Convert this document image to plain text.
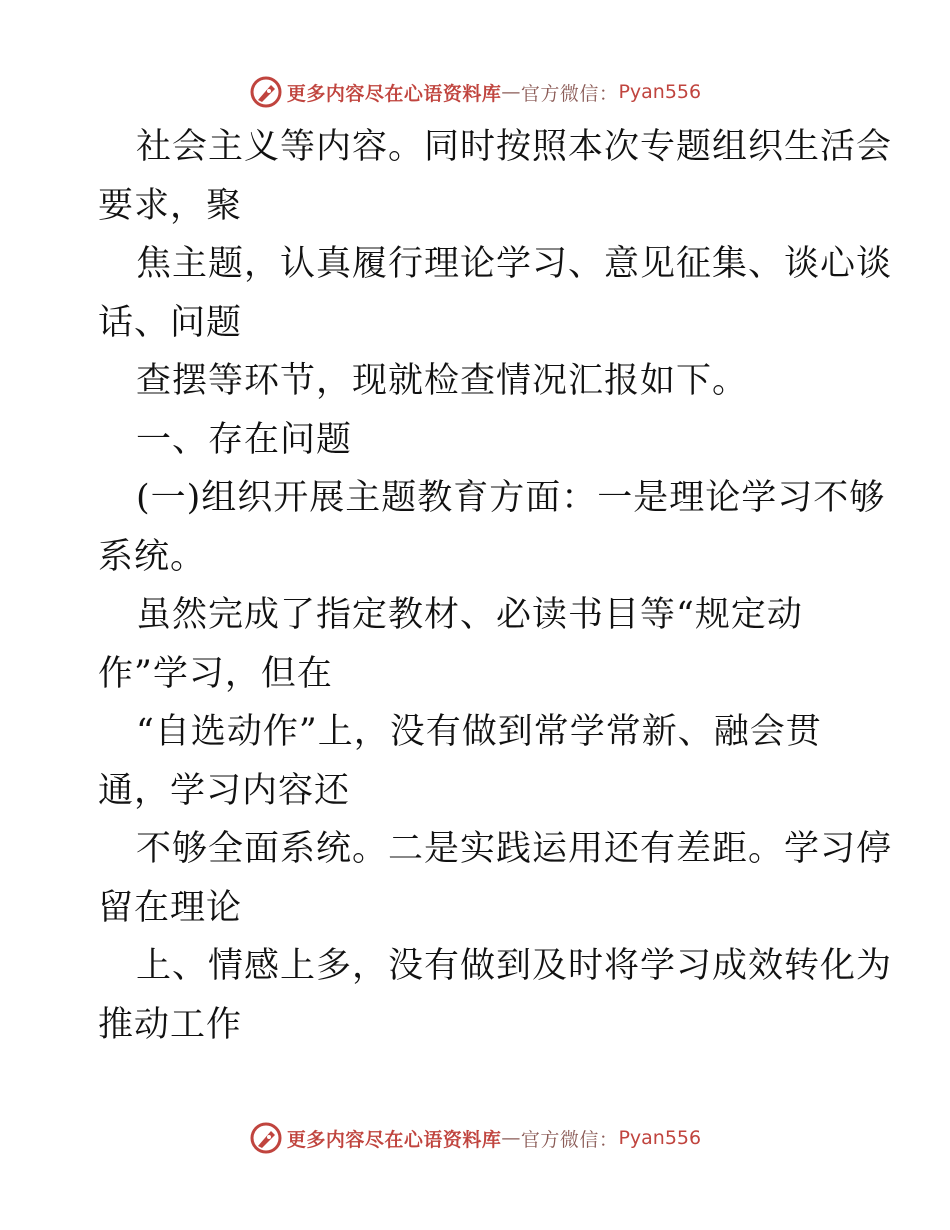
更多内容尽在心语资料库 — 官方微信： Pyan556
社会主义等内容。同时按照本次专题组织生活会
要求，聚
焦主题，认真履行理论学习、意见征集、谈心谈
话、问题
查摆等环节，现就检查情况汇报如下。
一、存在问题
(一)组织开展主题教育方面：一是理论学习不够
系统。
虽然完成了指定教材、必读书目等“规定动
作”学习，但在
“自选动作”上，没有做到常学常新、融会贯
通，学习内容还
不够全面系统。二是实践运用还有差距。学习停
留在理论
上、情感上多，没有做到及时将学习成效转化为
推动工作
更多内容尽在心语资料库 — 官方微信： Pyan556
